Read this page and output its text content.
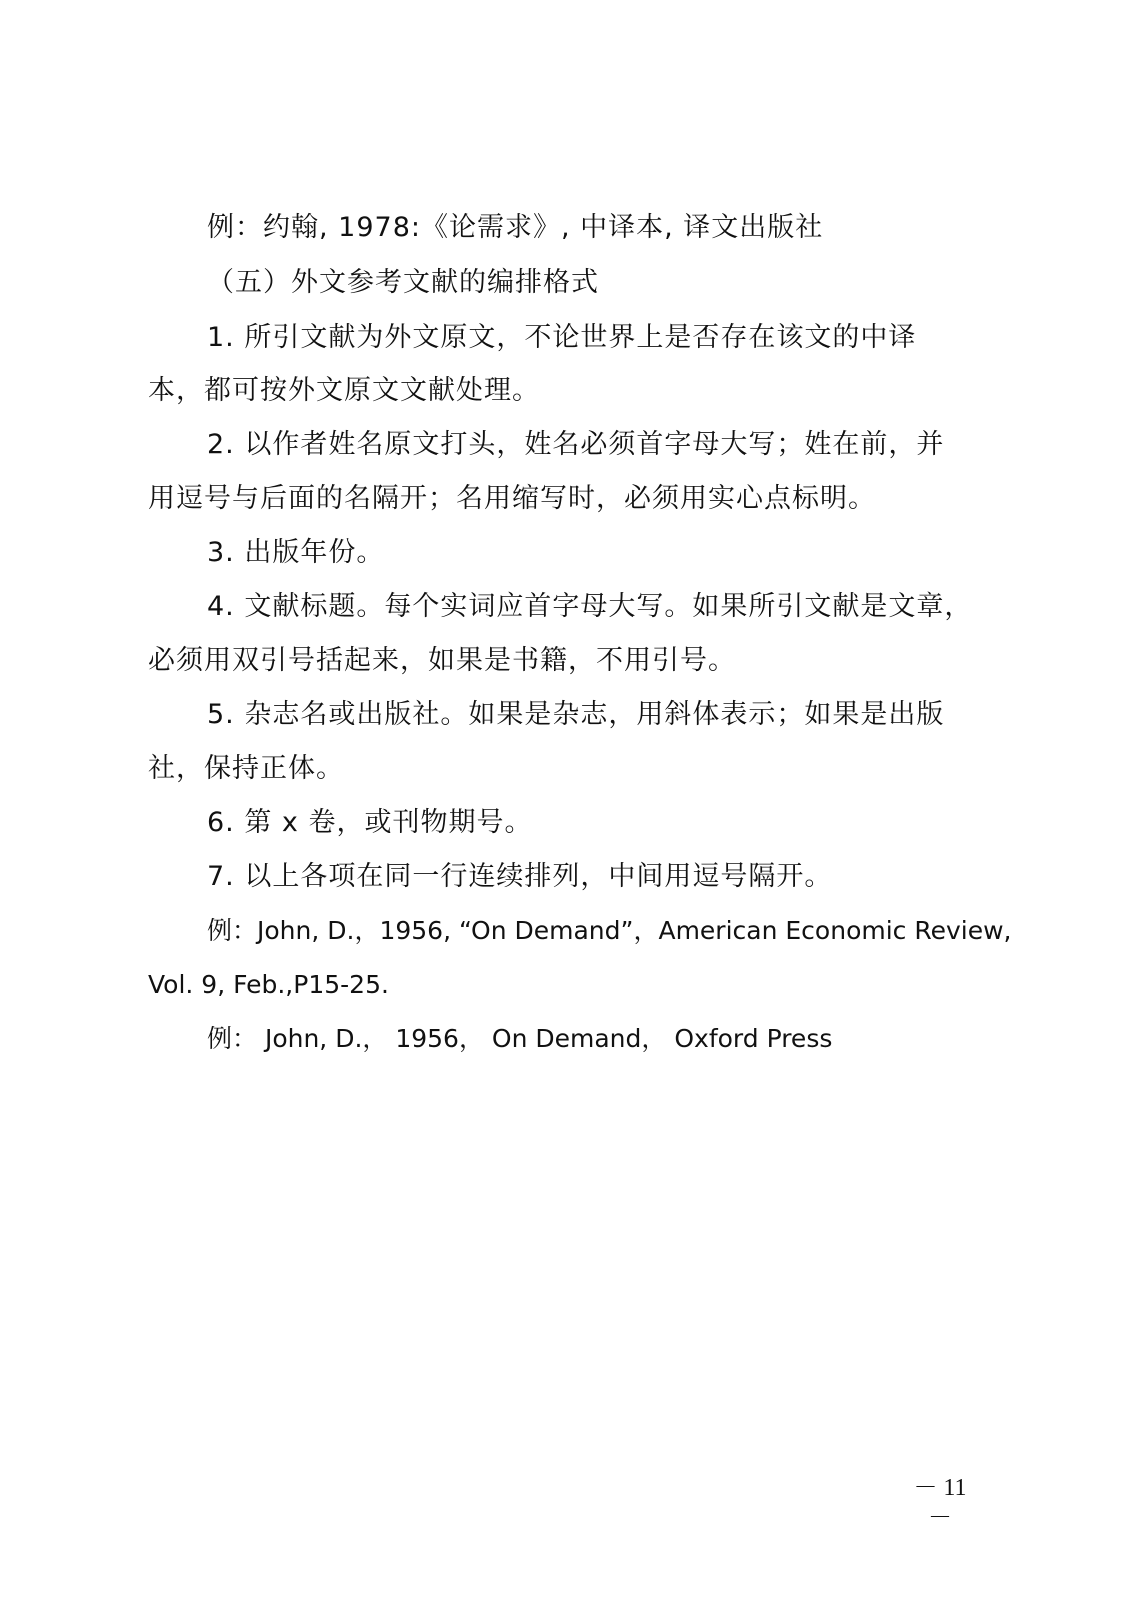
例：约翰, 1978:《论需求》, 中译本, 译文出版社
（五）外文参考文献的编排格式
1. 所引文献为外文原文，不论世界上是否存在该文的中译
本，都可按外文原文文献处理。
2. 以作者姓名原文打头，姓名必须首字母大写；姓在前，并
用逗号与后面的名隔开；名用缩写时，必须用实心点标明。
3. 出版年份。
4. 文献标题。每个实词应首字母大写。如果所引文献是文章，
必须用双引号括起来，如果是书籍，不用引号。
5. 杂志名或出版社。如果是杂志，用斜体表示；如果是出版
社，保持正体。
6. 第 x 卷，或刊物期号。
7. 以上各项在同一行连续排列，中间用逗号隔开。
例：John, D.，1956, “On Demand”，American Economic Review,
Vol. 9, Feb.,P15-25.
例： John, D.， 1956， On Demand， Oxford Press
－ 11 －
